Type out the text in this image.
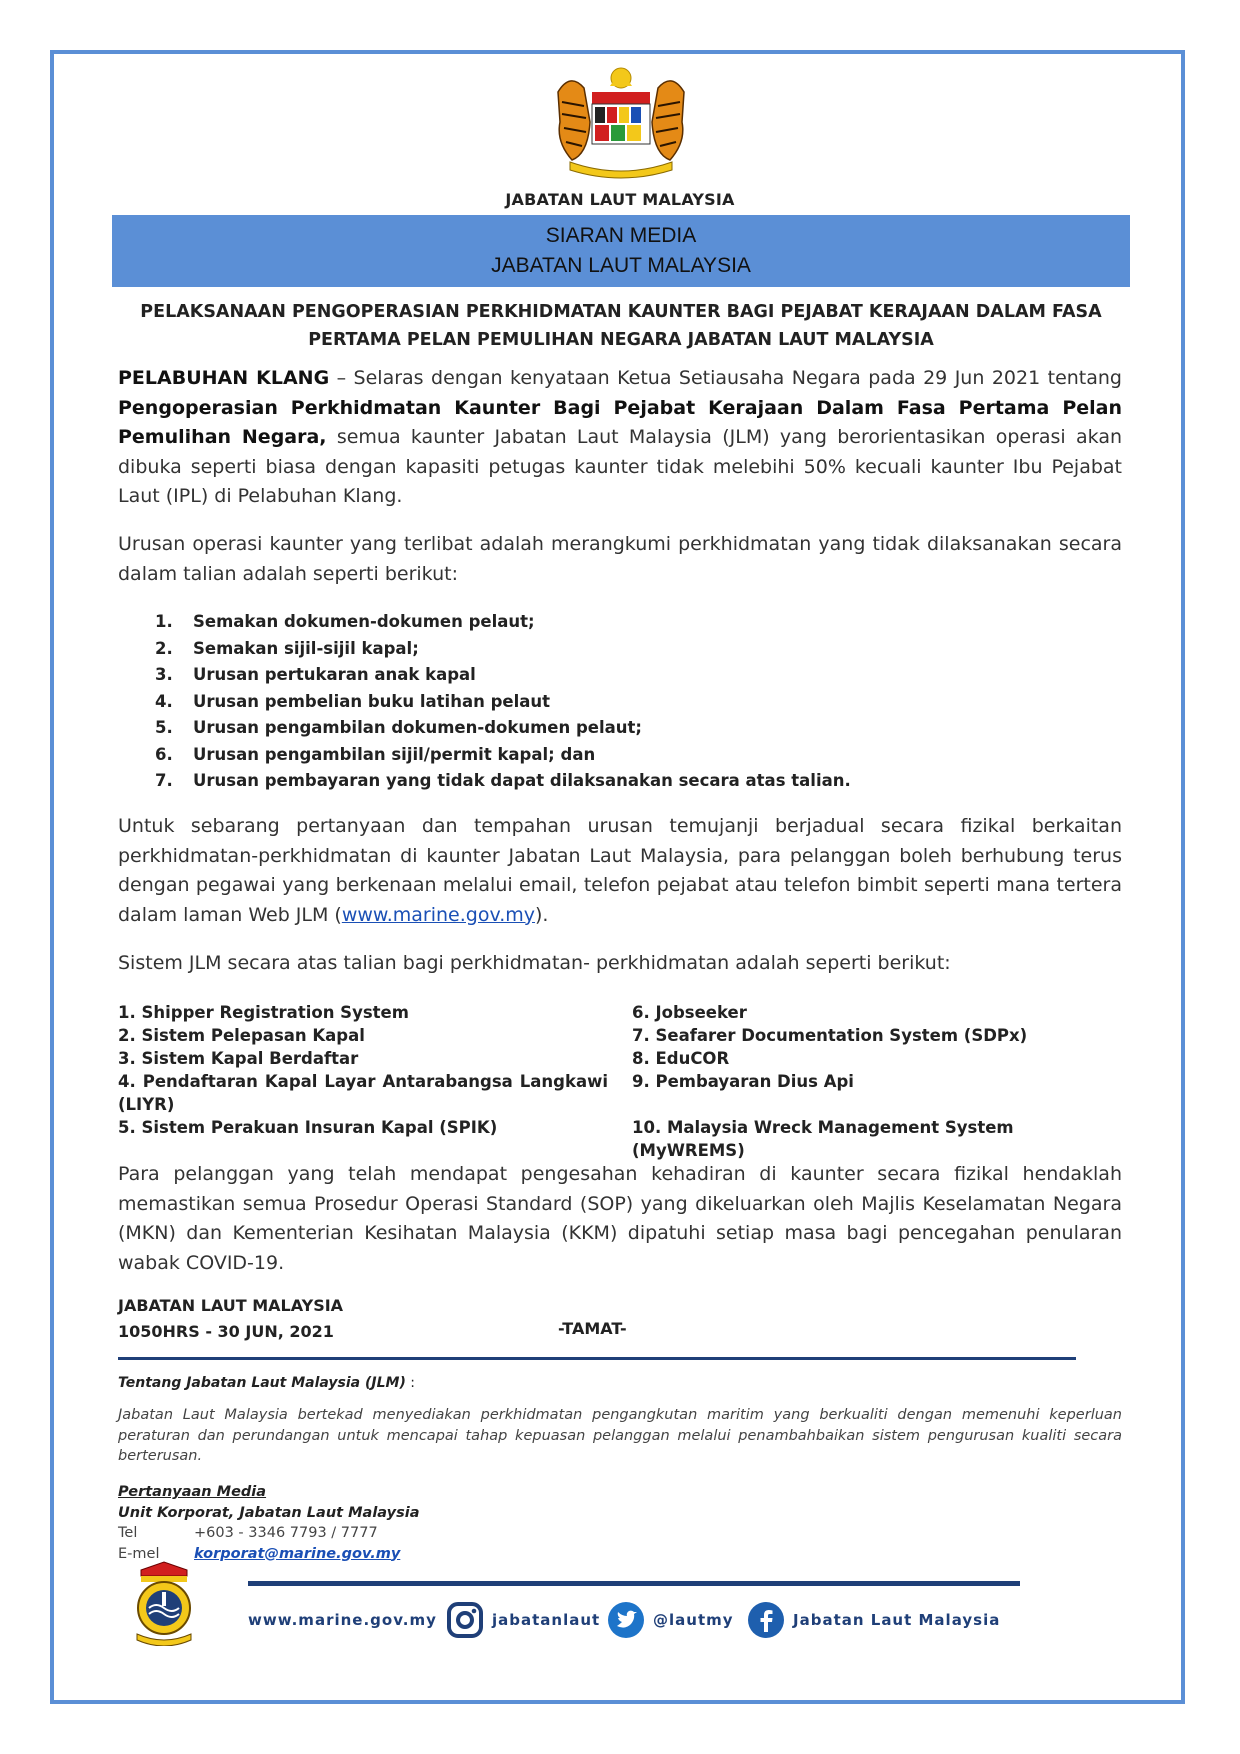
JABATAN LAUT MALAYSIA
SIARAN MEDIA
JABATAN LAUT MALAYSIA
PELAKSANAAN PENGOPERASIAN PERKHIDMATAN KAUNTER BAGI PEJABAT KERAJAAN DALAM FASA
PERTAMA PELAN PEMULIHAN NEGARA JABATAN LAUT MALAYSIA
PELABUHAN KLANG – Selaras dengan kenyataan Ketua Setiausaha Negara pada 29 Jun 2021 tentang Pengoperasian Perkhidmatan Kaunter Bagi Pejabat Kerajaan Dalam Fasa Pertama Pelan Pemulihan Negara, semua kaunter Jabatan Laut Malaysia (JLM) yang berorientasikan operasi akan dibuka seperti biasa dengan kapasiti petugas kaunter tidak melebihi 50% kecuali kaunter Ibu Pejabat Laut (IPL) di Pelabuhan Klang.
Urusan operasi kaunter yang terlibat adalah merangkumi perkhidmatan yang tidak dilaksanakan secara dalam talian adalah seperti berikut:
1.	Semakan dokumen-dokumen pelaut;
2.	Semakan sijil-sijil kapal;
3.	Urusan pertukaran anak kapal
4.	Urusan pembelian buku latihan pelaut
5.	Urusan pengambilan dokumen-dokumen pelaut;
6.	Urusan pengambilan sijil/permit kapal; dan
7.	Urusan pembayaran yang tidak dapat dilaksanakan secara atas talian.
Untuk sebarang pertanyaan dan tempahan urusan temujanji berjadual secara fizikal berkaitan perkhidmatan-perkhidmatan di kaunter Jabatan Laut Malaysia, para pelanggan boleh berhubung terus dengan pegawai yang berkenaan melalui email, telefon pejabat atau telefon bimbit seperti mana tertera dalam laman Web JLM (www.marine.gov.my).
Sistem JLM secara atas talian bagi perkhidmatan- perkhidmatan adalah seperti berikut:
1. Shipper Registration System
2. Sistem Pelepasan Kapal
3. Sistem Kapal Berdaftar
4. Pendaftaran Kapal Layar Antarabangsa Langkawi (LIYR)
5. Sistem Perakuan Insuran Kapal (SPIK)
6. Jobseeker
7. Seafarer Documentation System (SDPx)
8. EduCOR
9. Pembayaran Dius Api
10. Malaysia Wreck Management System (MyWREMS)
Para pelanggan yang telah mendapat pengesahan kehadiran di kaunter secara fizikal hendaklah memastikan semua Prosedur Operasi Standard (SOP) yang dikeluarkan oleh Majlis Keselamatan Negara (MKN) dan Kementerian Kesihatan Malaysia (KKM) dipatuhi setiap masa bagi pencegahan penularan wabak COVID-19.
JABATAN LAUT MALAYSIA
1050HRS - 30 JUN, 2021	-TAMAT-
Tentang Jabatan Laut Malaysia (JLM) :
Jabatan Laut Malaysia bertekad menyediakan perkhidmatan pengangkutan maritim yang berkualiti dengan memenuhi keperluan peraturan dan perundangan untuk mencapai tahap kepuasan pelanggan melalui penambahbaikan sistem pengurusan kualiti secara berterusan.
Pertanyaan Media
Unit Korporat, Jabatan Laut Malaysia
Tel	+603 - 3346 7793 / 7777
E-mel	korporat@marine.gov.my
www.marine.gov.my	jabatanlaut	@lautmy	Jabatan Laut Malaysia
